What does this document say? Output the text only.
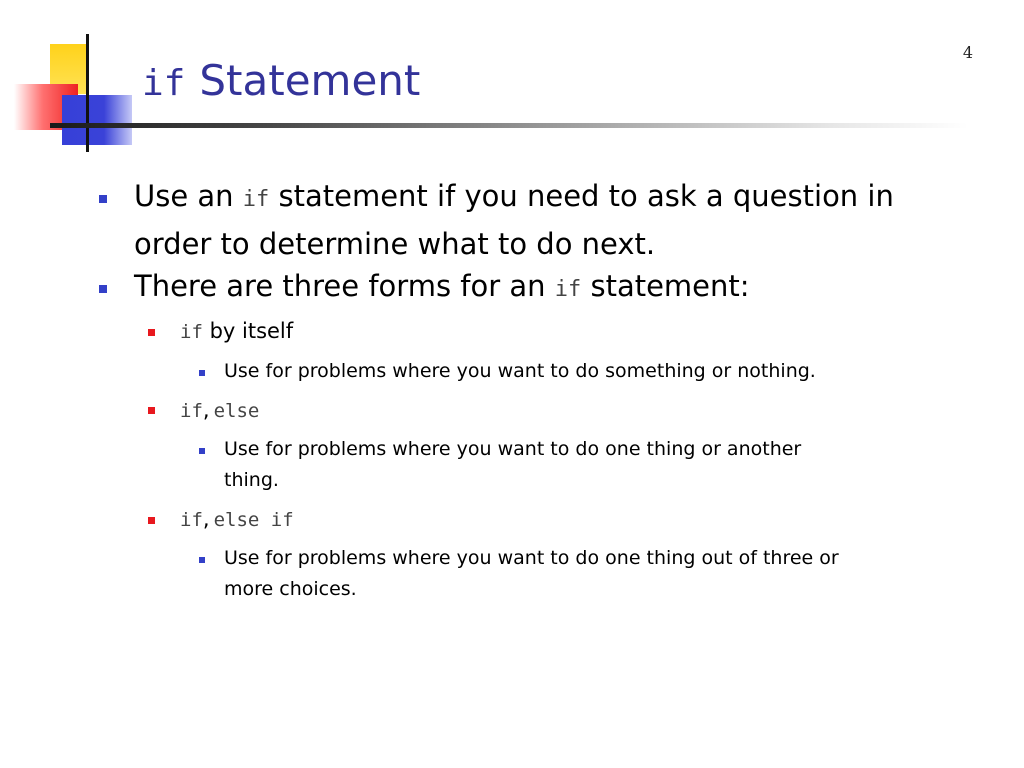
4
if Statement
Use an if statement if you need to ask a question in
order to determine what to do next.
There are three forms for an if statement:
if by itself
Use for problems where you want to do something or nothing.
if, else
Use for problems where you want to do one thing or another
thing.
if, else if
Use for problems where you want to do one thing out of three or
more choices.
